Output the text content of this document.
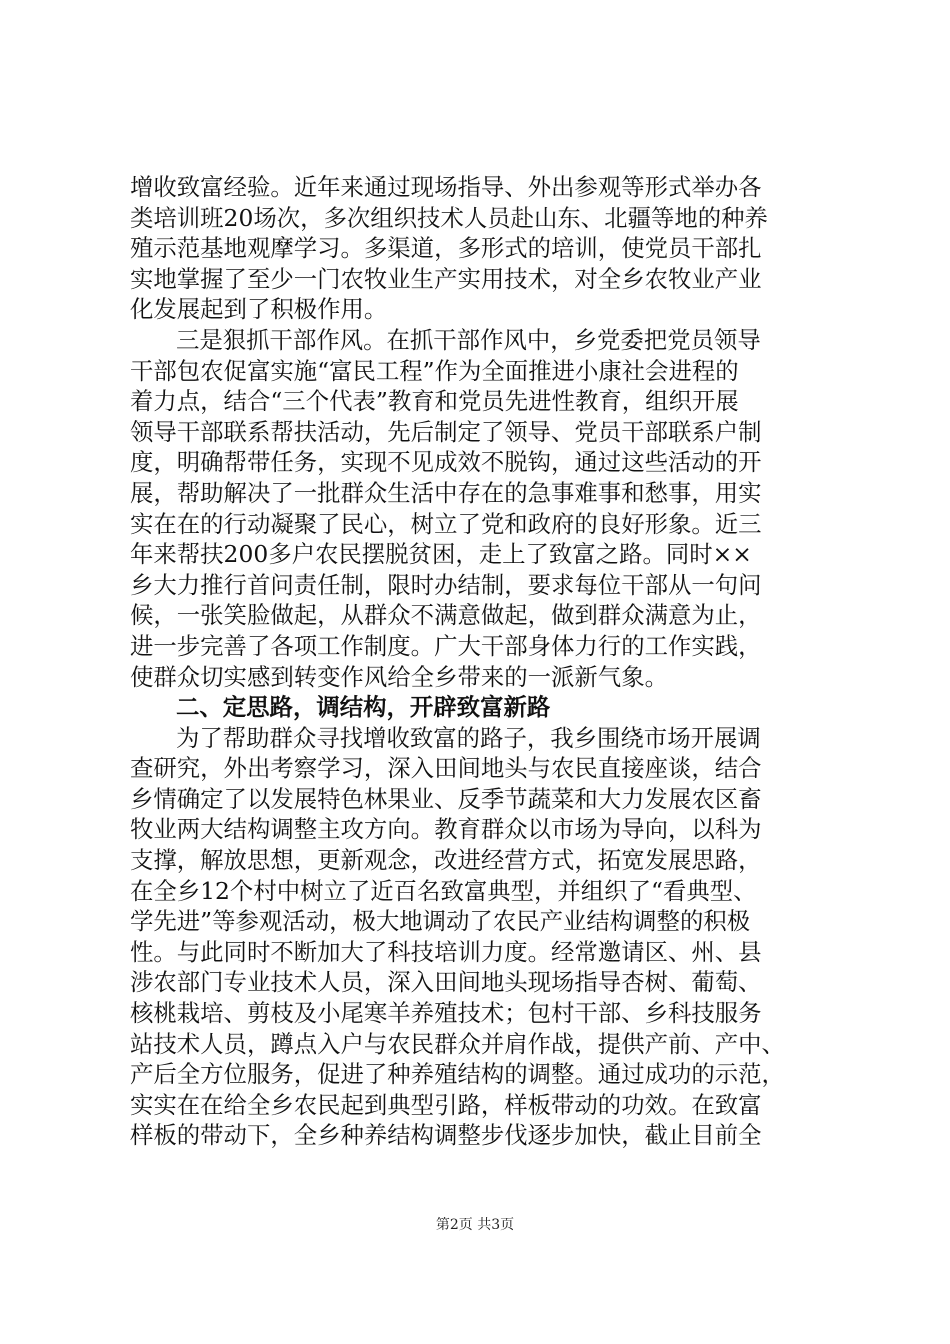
增收致富经验。近年来通过现场指导、外出参观等形式举办各
类培训班20场次，多次组织技术人员赴山东、北疆等地的种养
殖示范基地观摩学习。多渠道，多形式的培训，使党员干部扎
实地掌握了至少一门农牧业生产实用技术，对全乡农牧业产业
化发展起到了积极作用。
三是狠抓干部作风。在抓干部作风中，乡党委把党员领导
干部包农促富实施“富民工程”作为全面推进小康社会进程的
着力点，结合“三个代表”教育和党员先进性教育，组织开展
领导干部联系帮扶活动，先后制定了领导、党员干部联系户制
度，明确帮带任务，实现不见成效不脱钩，通过这些活动的开
展，帮助解决了一批群众生活中存在的急事难事和愁事，用实
实在在的行动凝聚了民心，树立了党和政府的良好形象。近三
年来帮扶200多户农民摆脱贫困，走上了致富之路。同时××
乡大力推行首问责任制，限时办结制，要求每位干部从一句问
候，一张笑脸做起，从群众不满意做起，做到群众满意为止，
进一步完善了各项工作制度。广大干部身体力行的工作实践，
使群众切实感到转变作风给全乡带来的一派新气象。
二、定思路，调结构，开辟致富新路
为了帮助群众寻找增收致富的路子，我乡围绕市场开展调
查研究，外出考察学习，深入田间地头与农民直接座谈，结合
乡情确定了以发展特色林果业、反季节蔬菜和大力发展农区畜
牧业两大结构调整主攻方向。教育群众以市场为导向，以科为
支撑，解放思想，更新观念，改进经营方式，拓宽发展思路，
在全乡12个村中树立了近百名致富典型，并组织了“看典型、
学先进”等参观活动，极大地调动了农民产业结构调整的积极
性。与此同时不断加大了科技培训力度。经常邀请区、州、县
涉农部门专业技术人员，深入田间地头现场指导杏树、葡萄、
核桃栽培、剪枝及小尾寒羊养殖技术；包村干部、乡科技服务
站技术人员，蹲点入户与农民群众并肩作战，提供产前、产中、
产后全方位服务，促进了种养殖结构的调整。通过成功的示范，
实实在在给全乡农民起到典型引路，样板带动的功效。在致富
样板的带动下，全乡种养结构调整步伐逐步加快，截止目前全
第2页 共3页
